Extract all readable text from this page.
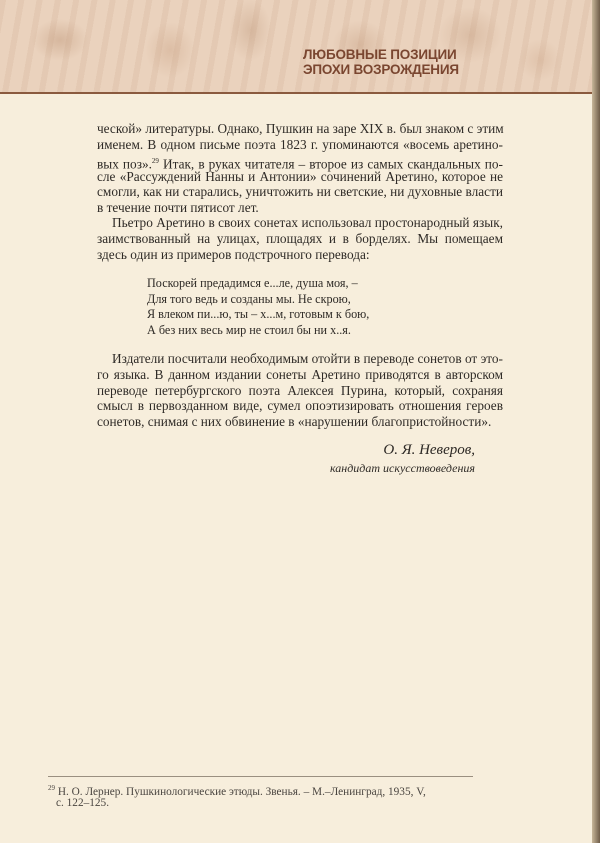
ЛЮБОВНЫЕ ПОЗИЦИИ
ЭПОХИ ВОЗРОЖДЕНИЯ
ческой» литературы. Однако, Пушкин на заре XIX в. был знаком с этим
именем. В одном письме поэта 1823 г. упоминаются «восемь аретино-
вых поз».$^{29}$ Итак, в руках читателя – второе из самых скандальных по-
сле «Рассуждений Нанны и Антонии» сочинений Аретино, которое не
смогли, как ни старались, уничтожить ни светские, ни духовные власти
в течение почти пятисот лет.
Пьетро Аретино в своих сонетах использовал простонародный язык,
заимствованный на улицах, площадях и в борделях. Мы помещаем
здесь один из примеров подстрочного перевода:
Поскорей предадимся е...ле, душа моя, –
Для того ведь и созданы мы. Не скрою,
Я влеком пи...ю, ты – х...м, готовым к бою,
А без них весь мир не стоил бы ни х..я.
Издатели посчитали необходимым отойти в переводе сонетов от это-
го языка. В данном издании сонеты Аретино приводятся в авторском
переводе петербургского поэта Алексея Пурина, который, сохраняя
смысл в первозданном виде, сумел опоэтизировать отношения героев
сонетов, снимая с них обвинение в «нарушении благопристойности».
О. Я. Неверов,
кандидат искусствоведения
$^{29}$ Н. О. Лернер. Пушкинологические этюды. Звенья. – М.–Ленинград, 1935, V,
с. 122–125.
